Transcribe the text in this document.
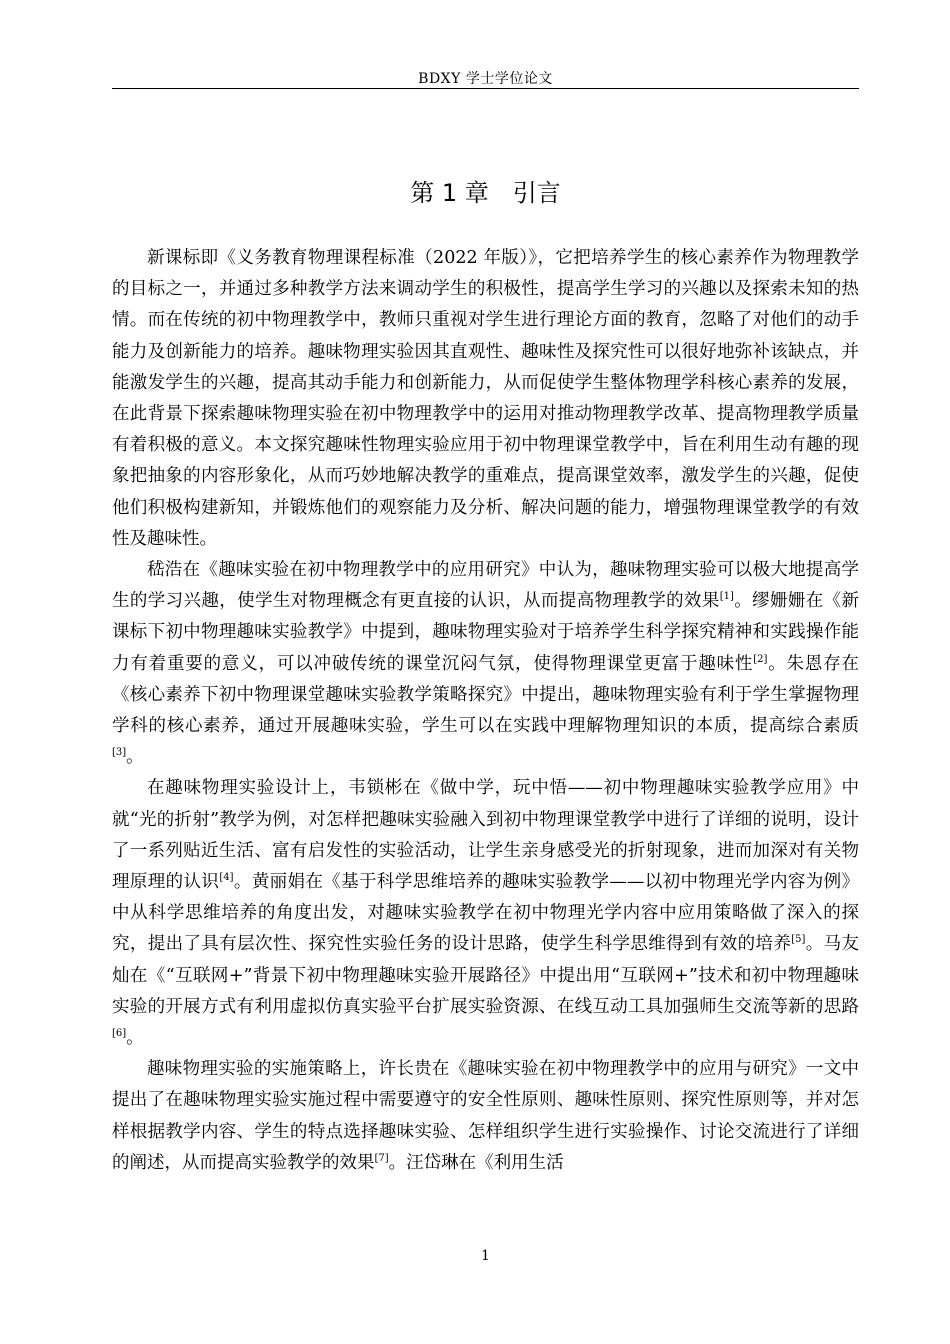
BDXY 学士学位论文
第 1 章　引言

新课标即《义务教育物理课程标准（2022 年版）》，它把培养学生的核心素养作为物理教学的目标之一，并通过多种教学方法来调动学生的积极性，提高学生学习的兴趣以及探索未知的热情。而在传统的初中物理教学中，教师只重视对学生进行理论方面的教育，忽略了对他们的动手能力及创新能力的培养。趣味物理实验因其直观性、趣味性及探究性可以很好地弥补该缺点，并能激发学生的兴趣，提高其动手能力和创新能力，从而促使学生整体物理学科核心素养的发展，在此背景下探索趣味物理实验在初中物理教学中的运用对推动物理教学改革、提高物理教学质量有着积极的意义。本文探究趣味性物理实验应用于初中物理课堂教学中，旨在利用生动有趣的现象把抽象的内容形象化，从而巧妙地解决教学的重难点，提高课堂效率，激发学生的兴趣，促使他们积极构建新知，并锻炼他们的观察能力及分析、解决问题的能力，增强物理课堂教学的有效性及趣味性。

嵇浩在《趣味实验在初中物理教学中的应用研究》中认为，趣味物理实验可以极大地提高学生的学习兴趣，使学生对物理概念有更直接的认识，从而提高物理教学的效果[1]。缪姗姗在《新课标下初中物理趣味实验教学》中提到，趣味物理实验对于培养学生科学探究精神和实践操作能力有着重要的意义，可以冲破传统的课堂沉闷气氛，使得物理课堂更富于趣味性[2]。朱恩存在《核心素养下初中物理课堂趣味实验教学策略探究》中提出，趣味物理实验有利于学生掌握物理学科的核心素养，通过开展趣味实验，学生可以在实践中理解物理知识的本质，提高综合素质[3]。

在趣味物理实验设计上，韦锁彬在《做中学，玩中悟——初中物理趣味实验教学应用》中就“光的折射”教学为例，对怎样把趣味实验融入到初中物理课堂教学中进行了详细的说明，设计了一系列贴近生活、富有启发性的实验活动，让学生亲身感受光的折射现象，进而加深对有关物理原理的认识[4]。黄丽娟在《基于科学思维培养的趣味实验教学——以初中物理光学内容为例》中从科学思维培养的角度出发，对趣味实验教学在初中物理光学内容中应用策略做了深入的探究，提出了具有层次性、探究性实验任务的设计思路，使学生科学思维得到有效的培养[5]。马友灿在《“互联网+”背景下初中物理趣味实验开展路径》中提出用“互联网+”技术和初中物理趣味实验的开展方式有利用虚拟仿真实验平台扩展实验资源、在线互动工具加强师生交流等新的思路[6]。

趣味物理实验的实施策略上，许长贵在《趣味实验在初中物理教学中的应用与研究》一文中提出了在趣味物理实验实施过程中需要遵守的安全性原则、趣味性原则、探究性原则等，并对怎样根据教学内容、学生的特点选择趣味实验、怎样组织学生进行实验操作、讨论交流进行了详细的阐述，从而提高实验教学的效果[7]。汪岱琳在《利用生活

1
